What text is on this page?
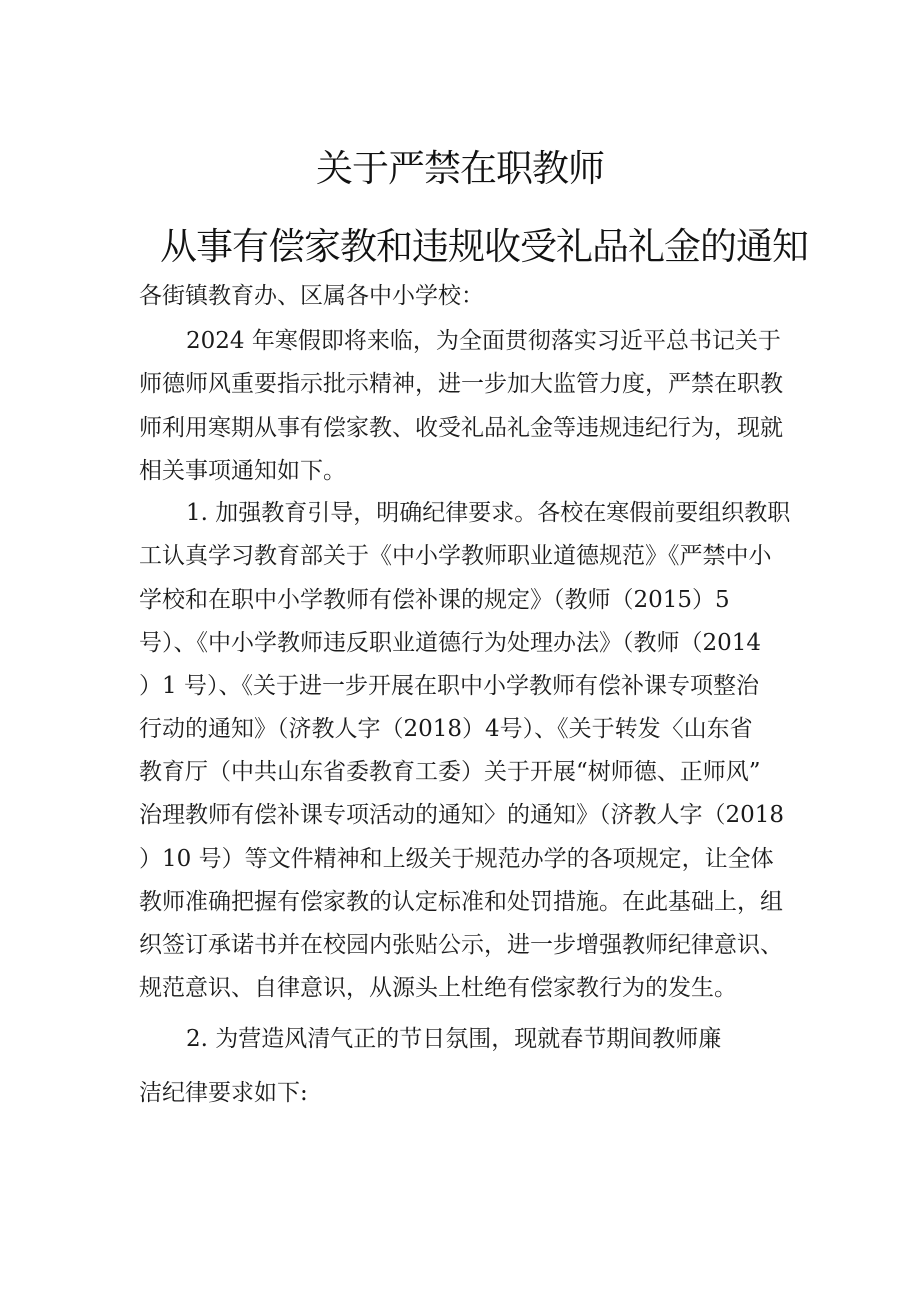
关于严禁在职教师
从事有偿家教和违规收受礼品礼金的通知
各街镇教育办、区属各中小学校：
2024 年寒假即将来临，为全面贯彻落实习近平总书记关于
师德师风重要指示批示精神，进一步加大监管力度，严禁在职教
师利用寒期从事有偿家教、收受礼品礼金等违规违纪行为，现就
相关事项通知如下。
1. 加强教育引导，明确纪律要求。各校在寒假前要组织教职
工认真学习教育部关于《中小学教师职业道德规范》《严禁中小
学校和在职中小学教师有偿补课的规定》（教师（2015）5
号）、《中小学教师违反职业道德行为处理办法》（教师（2014
）1 号）、《关于进一步开展在职中小学教师有偿补课专项整治
行动的通知》（济教人字（2018）4号）、《关于转发〈山东省
教育厅（中共山东省委教育工委）关于开展“树师德、正师风”
治理教师有偿补课专项活动的通知〉的通知》（济教人字（2018
）10 号）等文件精神和上级关于规范办学的各项规定，让全体
教师准确把握有偿家教的认定标准和处罚措施。在此基础上，组
织签订承诺书并在校园内张贴公示，进一步增强教师纪律意识、
规范意识、自律意识，从源头上杜绝有偿家教行为的发生。
2. 为营造风清气正的节日氛围，现就春节期间教师廉
洁纪律要求如下:
